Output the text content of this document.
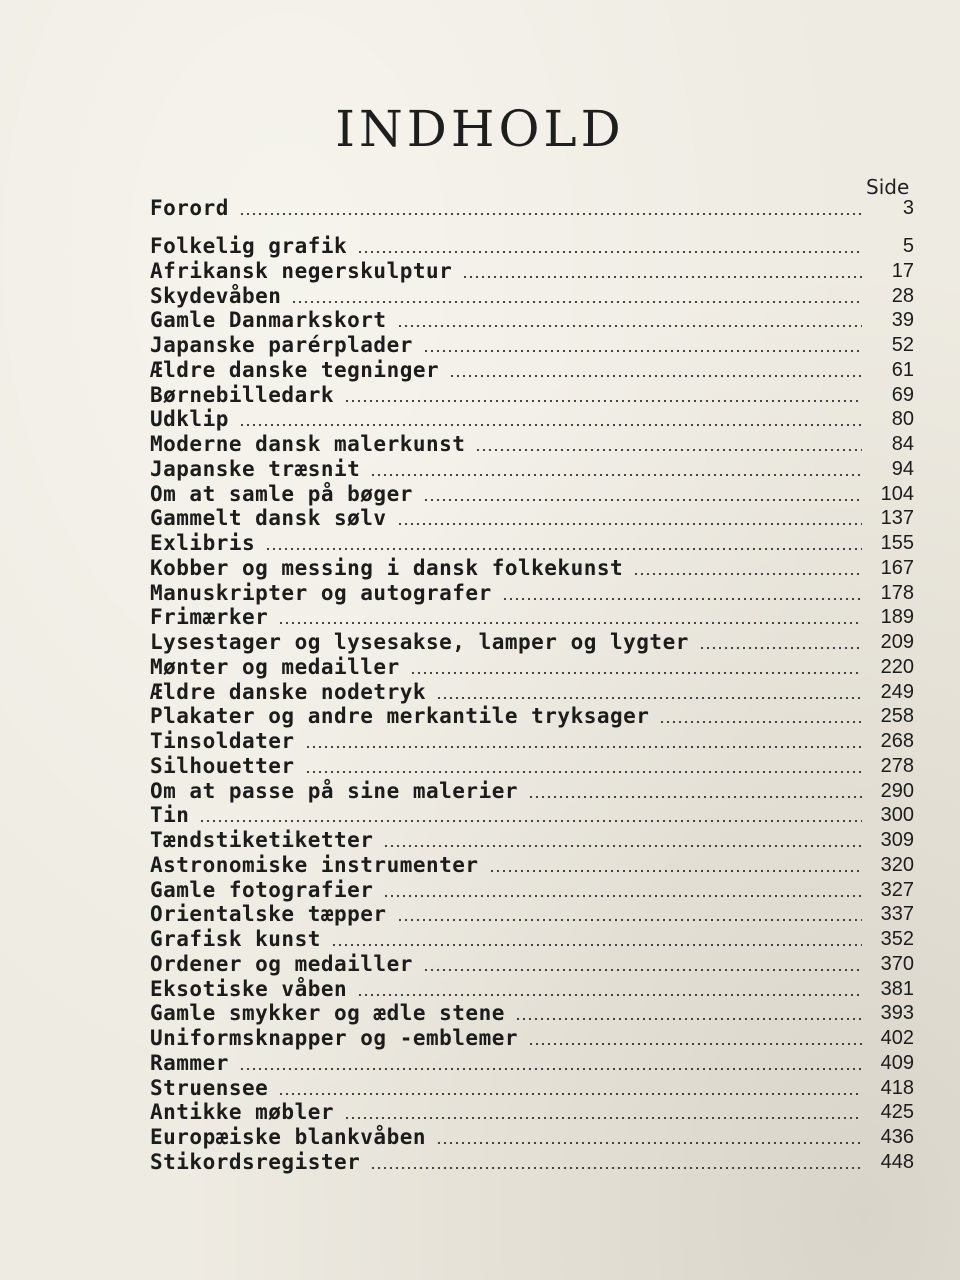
INDHOLD
Side
Forord	3
Folkelig grafik	5
Afrikansk negerskulptur	17
Skydevåben	28
Gamle Danmarkskort	39
Japanske parérplader	52
Ældre danske tegninger	61
Børnebilledark	69
Udklip	80
Moderne dansk malerkunst	84
Japanske træsnit	94
Om at samle på bøger	104
Gammelt dansk sølv	137
Exlibris	155
Kobber og messing i dansk folkekunst	167
Manuskripter og autografer	178
Frimærker	189
Lysestager og lysesakse, lamper og lygter	209
Mønter og medailler	220
Ældre danske nodetryk	249
Plakater og andre merkantile tryksager	258
Tinsoldater	268
Silhouetter	278
Om at passe på sine malerier	290
Tin	300
Tændstiketiketter	309
Astronomiske instrumenter	320
Gamle fotografier	327
Orientalske tæpper	337
Grafisk kunst	352
Ordener og medailler	370
Eksotiske våben	381
Gamle smykker og ædle stene	393
Uniformsknapper og -emblemer	402
Rammer	409
Struensee	418
Antikke møbler	425
Europæiske blankvåben	436
Stikordsregister	448
